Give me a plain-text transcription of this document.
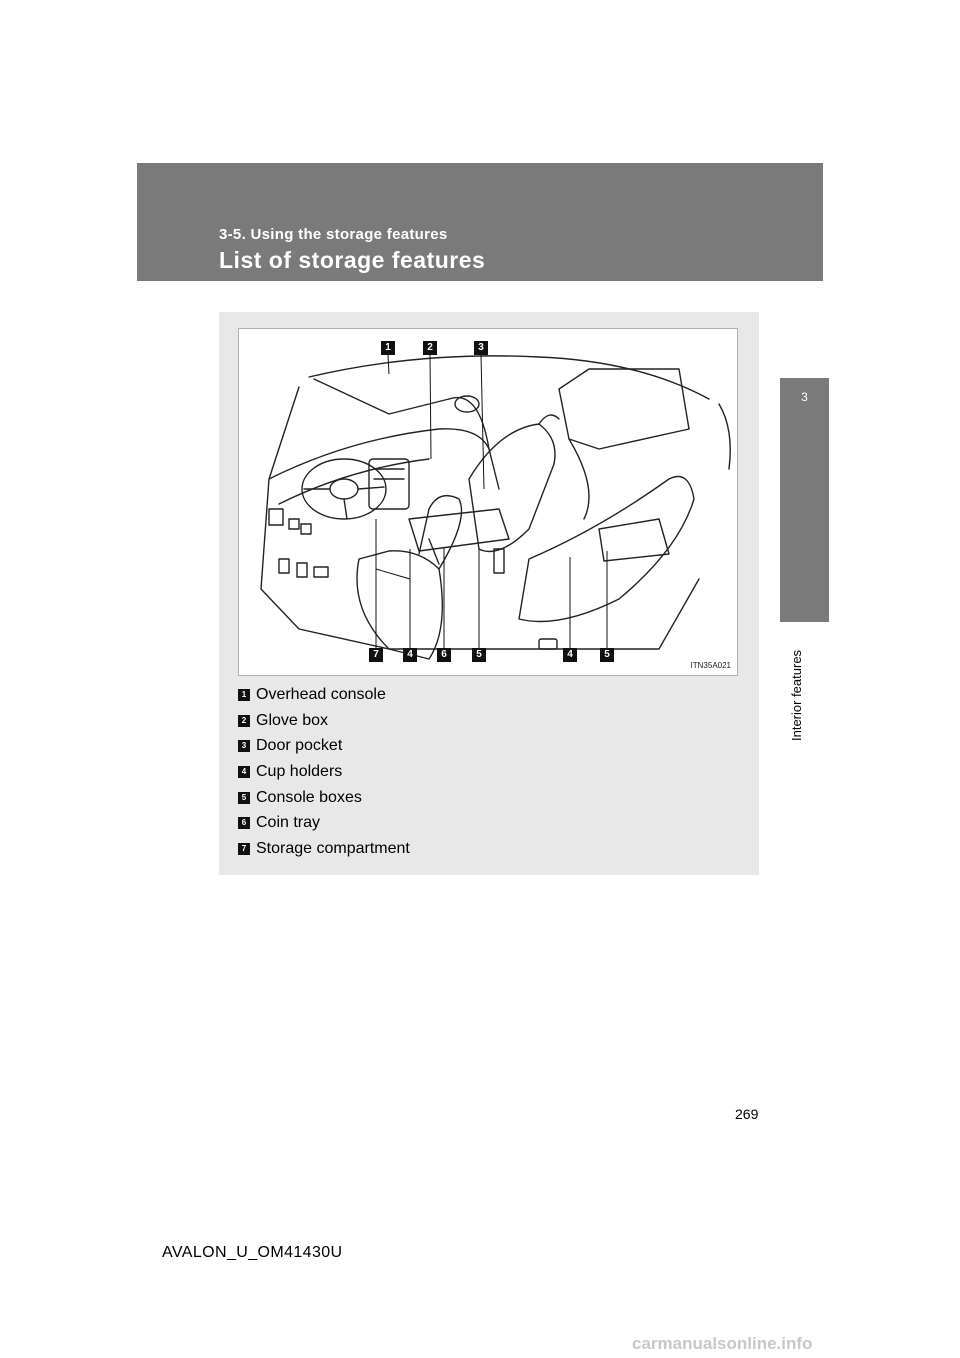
3-5. Using the storage features
List of storage features
3
Interior features
1	2	3
7	4	6	5	4	5
ITN35A021
1 Overhead console
2 Glove box
3 Door pocket
4 Cup holders
5 Console boxes
6 Coin tray
7 Storage compartment
269
AVALON_U_OM41430U
carmanualsonline.info
